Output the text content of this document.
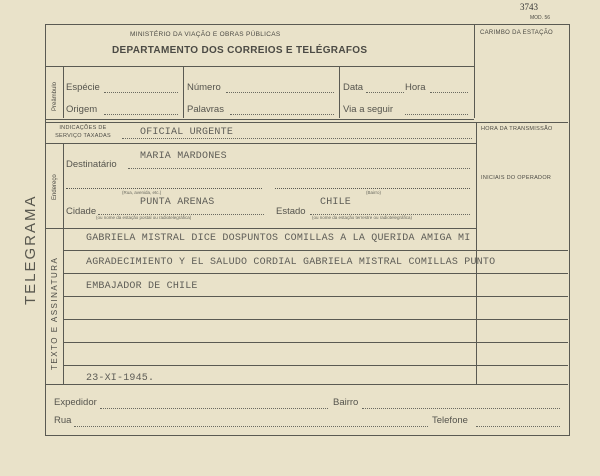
3743
MOD. 56
TELEGRAMA
MINISTÉRIO DA VIAÇÃO E OBRAS PÚBLICAS
DEPARTAMENTO DOS CORREIOS E TELÉGRAFOS
CARIMBO DA ESTAÇÃO
Preâmbulo Espécie	Número	Data	Hora
Origem	Palavras	Via a seguir
INDICAÇÕES DE SERVIÇO TAXADAS	OFICIAL URGENTE	HORA DA TRANSMISSÃO
INICIAIS DO OPERADOR
Endereço
Destinatário
MARIA MARDONES
(Rua, avenida, etc.)	(Bairro)
Cidade
PUNTA ARENAS
(ou nome da estação postal ou radiotelegráfica)
Estado
CHILE
(ou nome da estação terrestre ou radiotelegráfica)
TEXTO E ASSINATURA
GABRIELA MISTRAL DICE DOSPUNTOS COMILLAS A LA QUERIDA AMIGA MI
AGRADECIMIENTO Y EL SALUDO CORDIAL GABRIELA MISTRAL COMILLAS PUNTO
EMBAJADOR DE CHILE
23-XI-1945.
Expedidor	Bairro
Rua	Telefone
